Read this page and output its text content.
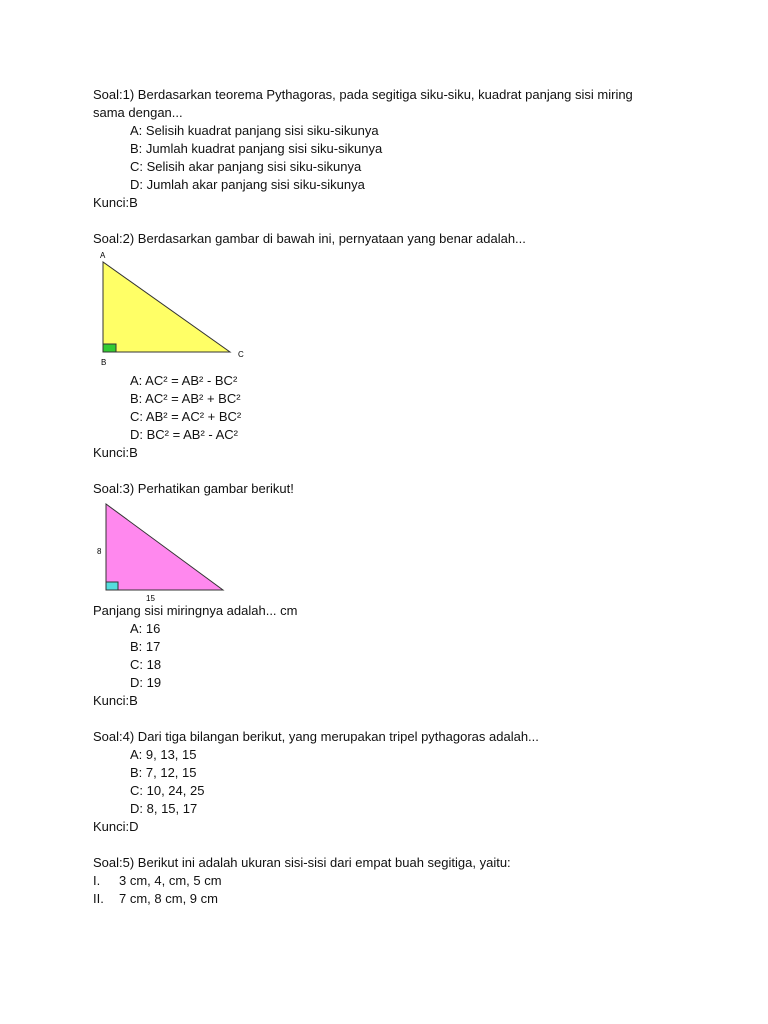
Soal:1) Berdasarkan teorema Pythagoras, pada segitiga siku-siku, kuadrat panjang sisi miring
sama dengan...
A: Selisih kuadrat panjang sisi siku-sikunya
B: Jumlah kuadrat panjang sisi siku-sikunya
C: Selisih akar panjang sisi siku-sikunya
D: Jumlah akar panjang sisi siku-sikunya
Kunci:B
Soal:2) Berdasarkan gambar di bawah ini, pernyataan yang benar adalah...
A
B
C
A: AC² = AB² - BC²
B: AC² = AB² + BC²
C: AB² = AC² + BC²
D: BC² = AB² - AC²
Kunci:B
Soal:3) Perhatikan gambar berikut!
8
15
Panjang sisi miringnya adalah... cm
A: 16
B: 17
C: 18
D: 19
Kunci:B
Soal:4) Dari tiga bilangan berikut, yang merupakan tripel pythagoras adalah...
A: 9, 13, 15
B: 7, 12, 15
C: 10, 24, 25
D: 8, 15, 17
Kunci:D
Soal:5) Berikut ini adalah ukuran sisi-sisi dari empat buah segitiga, yaitu:
I. 3 cm, 4, cm, 5 cm
II. 7 cm, 8 cm, 9 cm
